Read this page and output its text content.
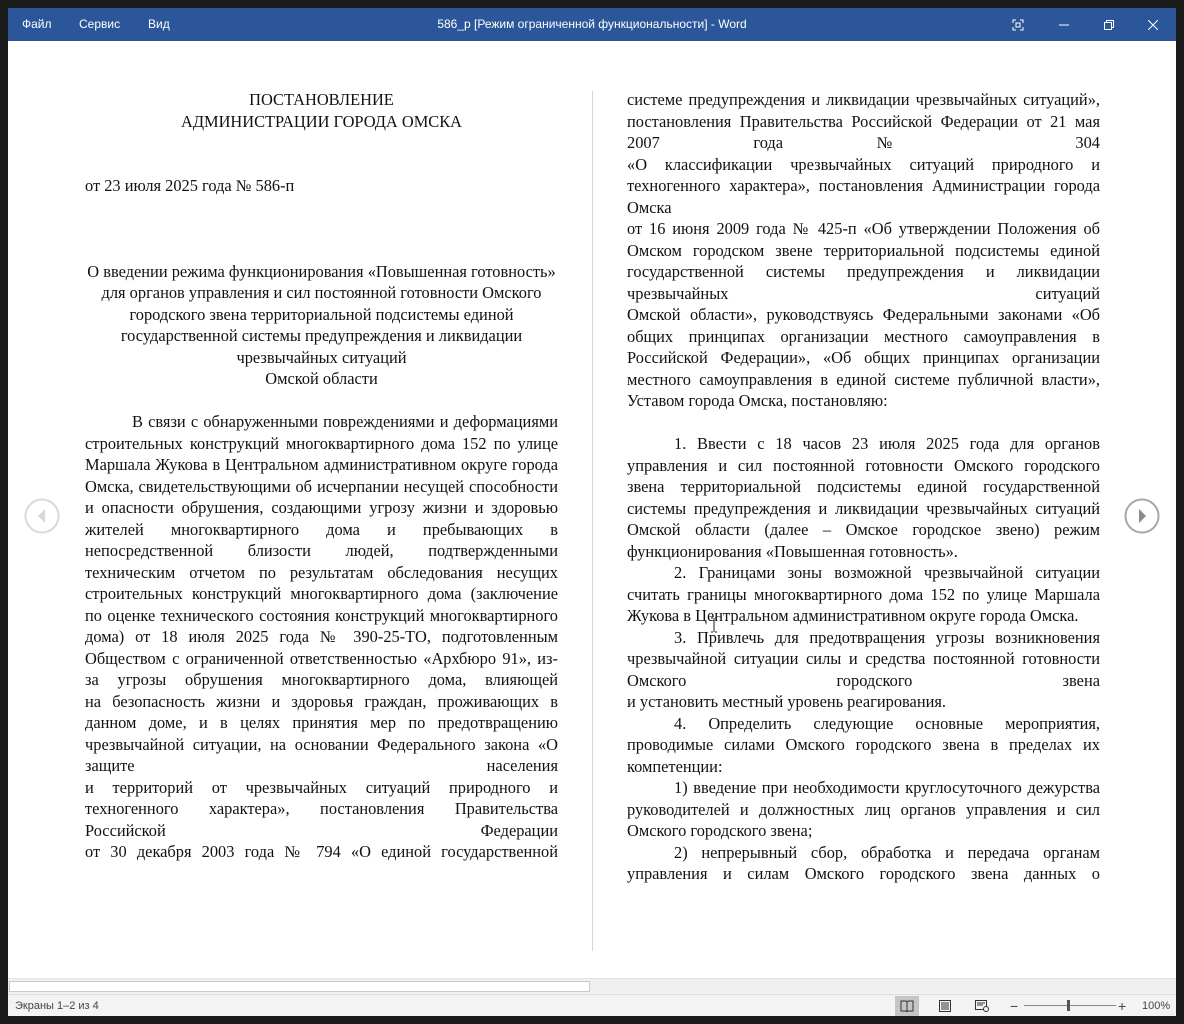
Файл	Сервис	Вид	586_р [Режим ограниченной функциональности] - Word

ПОСТАНОВЛЕНИЕ

АДМИНИСТРАЦИИ ГОРОДА ОМСКА

от 23 июля 2025 года № 586-п

О введении режима функционирования «Повышенная готовность»

для органов управления и сил постоянной готовности Омского городского звена территориальной подсистемы единой государственной системы предупреждения и ликвидации чрезвычайных ситуаций

Омской области

В связи с обнаруженными повреждениями и деформациями строительных конструкций многоквартирного дома 152 по улице

Маршала Жукова в Центральном административном округе города Омска, свидетельствующими об исчерпании несущей способности и опасности обрушения, создающими угрозу жизни и здоровью жителей многоквартирного дома и пребывающих в непосредственной близости людей, подтвержденными техническим отчетом по результатам обследования несущих строительных конструкций многоквартирного дома (заключение по оценке технического состояния конструкций многоквартирного дома) от 18 июля 2025 года № 390-25-ТО, подготовленным Обществом с ограниченной ответственностью «Архбюро 91», из-за угрозы обрушения многоквартирного дома, влияющей

на безопасность жизни и здоровья граждан, проживающих в данном доме, и в целях принятия мер по предотвращению чрезвычайной ситуации, на основании Федерального закона «О защите населения

и территорий от чрезвычайных ситуаций природного и техногенного характера», постановления Правительства Российской Федерации

от 30 декабря 2003 года № 794 «О единой государственной

системе предупреждения и ликвидации чрезвычайных ситуаций», постановления Правительства Российской Федерации от 21 мая 2007 года № 304

«О классификации чрезвычайных ситуаций природного и техногенного характера», постановления Администрации города Омска

от 16 июня 2009 года № 425-п «Об утверждении Положения об Омском городском звене территориальной подсистемы единой государственной системы предупреждения и ликвидации чрезвычайных ситуаций

Омской области», руководствуясь Федеральными законами «Об общих принципах организации местного самоуправления в Российской Федерации», «Об общих принципах организации местного самоуправления в единой системе публичной власти», Уставом города Омска, постановляю:

1. Ввести с 18 часов 23 июля 2025 года для органов управления и сил постоянной готовности Омского городского звена территориальной подсистемы единой государственной системы предупреждения и ликвидации чрезвычайных ситуаций Омской области (далее – Омское городское звено) режим функционирования «Повышенная готовность».

2. Границами зоны возможной чрезвычайной ситуации считать границы многоквартирного дома 152 по улице Маршала Жукова в Центральном административном округе города Омска.

3. Привлечь для предотвращения угрозы возникновения чрезвычайной ситуации силы и средства постоянной готовности Омского городского звена

и установить местный уровень реагирования.

4. Определить следующие основные мероприятия, проводимые силами Омского городского звена в пределах их компетенции:

1) введение при необходимости круглосуточного дежурства руководителей и должностных лиц органов управления и сил Омского городского звена;

2) непрерывный сбор, обработка и передача органам управления и силам Омского городского звена данных о

Экраны 1–2 из 4	−	+ 100%
